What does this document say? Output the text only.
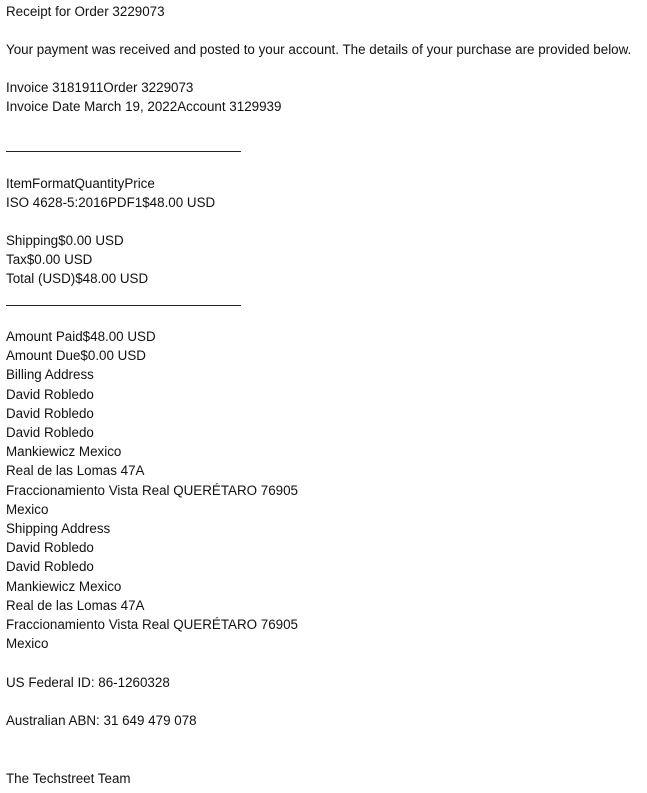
Receipt for Order 3229073
Your payment was received and posted to your account. The details of your purchase are provided below.
Invoice 3181911Order 3229073
Invoice Date March 19, 2022Account 3129939
ItemFormatQuantityPrice
ISO 4628-5:2016PDF1$48.00 USD
Shipping$0.00 USD
Tax$0.00 USD
Total (USD)$48.00 USD
Amount Paid$48.00 USD
Amount Due$0.00 USD
Billing Address
David Robledo
David Robledo
David Robledo
Mankiewicz Mexico
Real de las Lomas 47A
Fraccionamiento Vista Real QUERÉTARO 76905
Mexico
Shipping Address
David Robledo
David Robledo
Mankiewicz Mexico
Real de las Lomas 47A
Fraccionamiento Vista Real QUERÉTARO 76905
Mexico
US Federal ID: 86-1260328
Australian ABN: 31 649 479 078
The Techstreet Team
